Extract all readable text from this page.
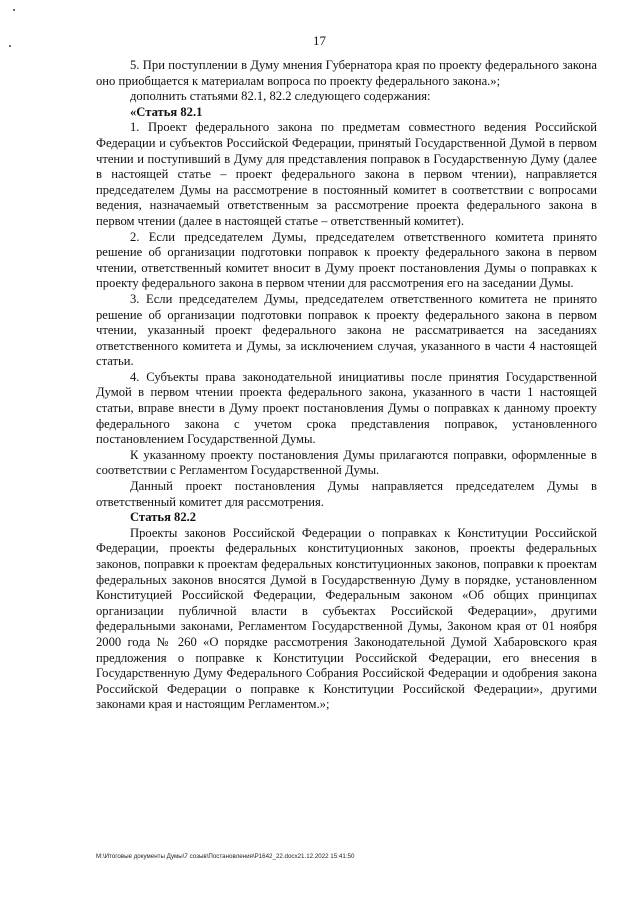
17

5. При поступлении в Думу мнения Губернатора края по проекту федерального закона оно приобщается к материалам вопроса по проекту федерального закона.»;

дополнить статьями 82.1, 82.2 следующего содержания:

«Статья 82.1

1. Проект федерального закона по предметам совместного ведения Российской Федерации и субъектов Российской Федерации, принятый Государственной Думой в первом чтении и поступивший в Думу для представления поправок в Государственную Думу (далее в настоящей статье – проект федерального закона в первом чтении), направляется председателем Думы на рассмотрение в постоянный комитет в соответствии с вопросами ведения, назначаемый ответственным за рассмотрение проекта федерального закона в первом чтении (далее в настоящей статье – ответственный комитет).

2. Если председателем Думы, председателем ответственного комитета принято решение об организации подготовки поправок к проекту федерального закона в первом чтении, ответственный комитет вносит в Думу проект постановления Думы о поправках к проекту федерального закона в первом чтении для рассмотрения его на заседании Думы.

3. Если председателем Думы, председателем ответственного комитета не принято решение об организации подготовки поправок к проекту федерального закона в первом чтении, указанный проект федерального закона не рассматривается на заседаниях ответственного комитета и Думы, за исключением случая, указанного в части 4 настоящей статьи.

4. Субъекты права законодательной инициативы после принятия Государственной Думой в первом чтении проекта федерального закона, указанного в части 1 настоящей статьи, вправе внести в Думу проект постановления Думы о поправках к данному проекту федерального закона с учетом срока представления поправок, установленного постановлением Государственной Думы.

К указанному проекту постановления Думы прилагаются поправки, оформленные в соответствии с Регламентом Государственной Думы.

Данный проект постановления Думы направляется председателем Думы в ответственный комитет для рассмотрения.

Статья 82.2

Проекты законов Российской Федерации о поправках к Конституции Российской Федерации, проекты федеральных конституционных законов, проекты федеральных законов, поправки к проектам федеральных конституционных законов, поправки к проектам федеральных законов вносятся Думой в Государственную Думу в порядке, установленном Конституцией Российской Федерации, Федеральным законом «Об общих принципах организации публичной власти в субъектах Российской Федерации», другими федеральными законами, Регламентом Государственной Думы, Законом края от 01 ноября 2000 года № 260 «О порядке рассмотрения Законодательной Думой Хабаровского края предложения о поправке к Конституции Российской Федерации, его внесения в Государственную Думу Федерального Собрания Российской Федерации и одобрения закона Российской Федерации о поправке к Конституции Российской Федерации», другими законами края и настоящим Регламентом.»;

M:\Итоговые документы Думы\7 созыв\Постановления\P1642_22.docx21.12.2022 15:41:50
